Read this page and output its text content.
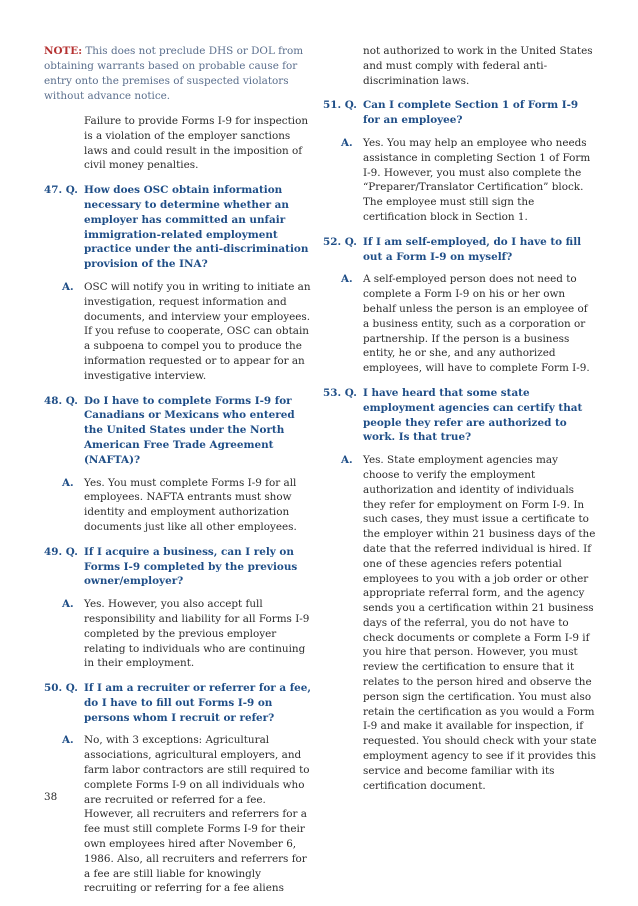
NOTE: This does not preclude DHS or DOL from obtaining warrants based on probable cause for entry onto the premises of suspected violators without advance notice.

Failure to provide Forms I-9 for inspection is a violation of the employer sanctions laws and could result in the imposition of civil money penalties.

47. Q. How does OSC obtain information necessary to determine whether an employer has committed an unfair immigration-related employment practice under the anti-discrimination provision of the INA?
A. OSC will notify you in writing to initiate an investigation, request information and documents, and interview your employees. If you refuse to cooperate, OSC can obtain a subpoena to compel you to produce the information requested or to appear for an investigative interview.
48. Q. Do I have to complete Forms I-9 for Canadians or Mexicans who entered the United States under the North American Free Trade Agreement (NAFTA)?
A. Yes. You must complete Forms I-9 for all employees. NAFTA entrants must show identity and employment authorization documents just like all other employees.
49. Q. If I acquire a business, can I rely on Forms I-9 completed by the previous owner/employer?
A. Yes. However, you also accept full responsibility and liability for all Forms I-9 completed by the previous employer relating to individuals who are continuing in their employment.
50. Q. If I am a recruiter or referrer for a fee, do I have to fill out Forms I-9 on persons whom I recruit or refer?
A. No, with 3 exceptions: Agricultural associations, agricultural employers, and farm labor contractors are still required to complete Forms I-9 on all individuals who are recruited or referred for a fee. However, all recruiters and referrers for a fee must still complete Forms I-9 for their own employees hired after November 6, 1986. Also, all recruiters and referrers for a fee are still liable for knowingly recruiting or referring for a fee aliens

not authorized to work in the United States and must comply with federal anti-discrimination laws.

51. Q. Can I complete Section 1 of Form I-9 for an employee?
A. Yes. You may help an employee who needs assistance in completing Section 1 of Form I-9. However, you must also complete the “Preparer/Translator Certification” block. The employee must still sign the certification block in Section 1.
52. Q. If I am self-employed, do I have to fill out a Form I-9 on myself?
A. A self-employed person does not need to complete a Form I-9 on his or her own behalf unless the person is an employee of a business entity, such as a corporation or partnership. If the person is a business entity, he or she, and any authorized employees, will have to complete Form I-9.
53. Q. I have heard that some state employment agencies can certify that people they refer are authorized to work. Is that true?
A. Yes. State employment agencies may choose to verify the employment authorization and identity of individuals they refer for employment on Form I-9. In such cases, they must issue a certificate to the employer within 21 business days of the date that the referred individual is hired. If one of these agencies refers potential employees to you with a job order or other appropriate referral form, and the agency sends you a certification within 21 business days of the referral, you do not have to check documents or complete a Form I-9 if you hire that person. However, you must review the certification to ensure that it relates to the person hired and observe the person sign the certification. You must also retain the certification as you would a Form I-9 and make it available for inspection, if requested. You should check with your state employment agency to see if it provides this service and become familiar with its certification document.
38
